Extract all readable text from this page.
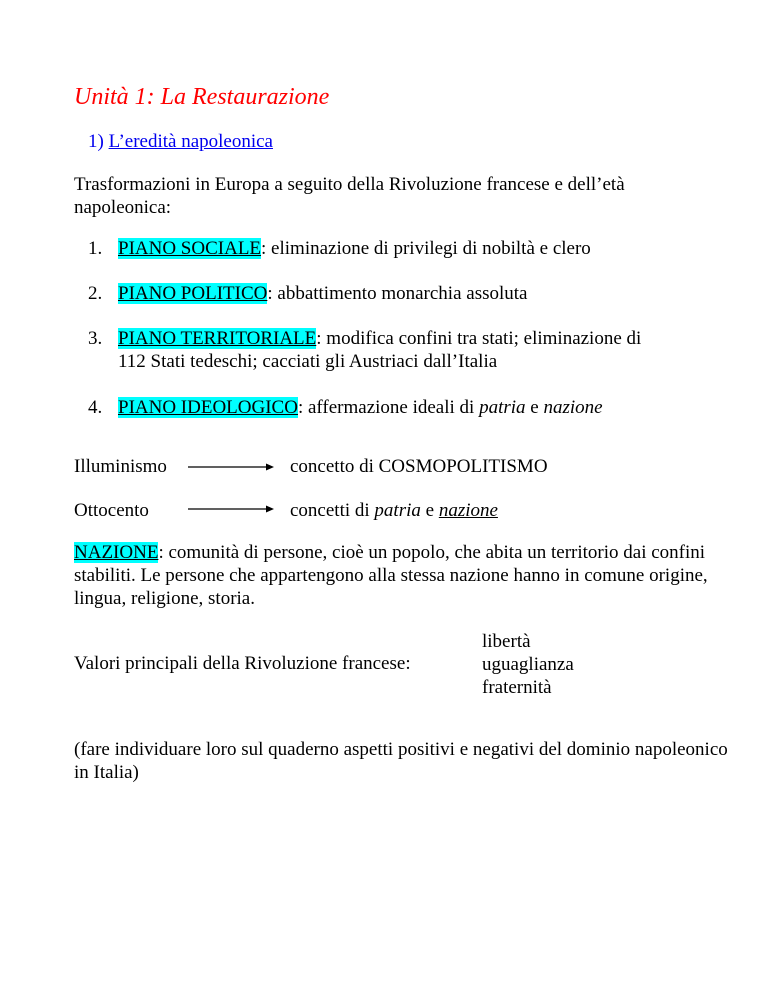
Unità 1: La Restaurazione
1) L’eredità napoleonica
Trasformazioni in Europa a seguito della Rivoluzione francese e dell’età napoleonica:
1. PIANO SOCIALE: eliminazione di privilegi di nobiltà e clero
2. PIANO POLITICO: abbattimento monarchia assoluta
3. PIANO TERRITORIALE: modifica confini tra stati; eliminazione di
112 Stati tedeschi; cacciati gli Austriaci dall’Italia
4. PIANO IDEOLOGICO: affermazione ideali di patria e nazione
Illuminismo	concetto di COSMOPOLITISMO
Ottocento	concetti di patria e nazione
NAZIONE: comunità di persone, cioè un popolo, che abita un territorio dai confini stabiliti. Le persone che appartengono alla stessa nazione hanno in comune origine, lingua, religione, storia.
Valori principali della Rivoluzione francese:
libertà
uguaglianza
fraternità
(fare individuare loro sul quaderno aspetti positivi e negativi del dominio napoleonico in Italia)
